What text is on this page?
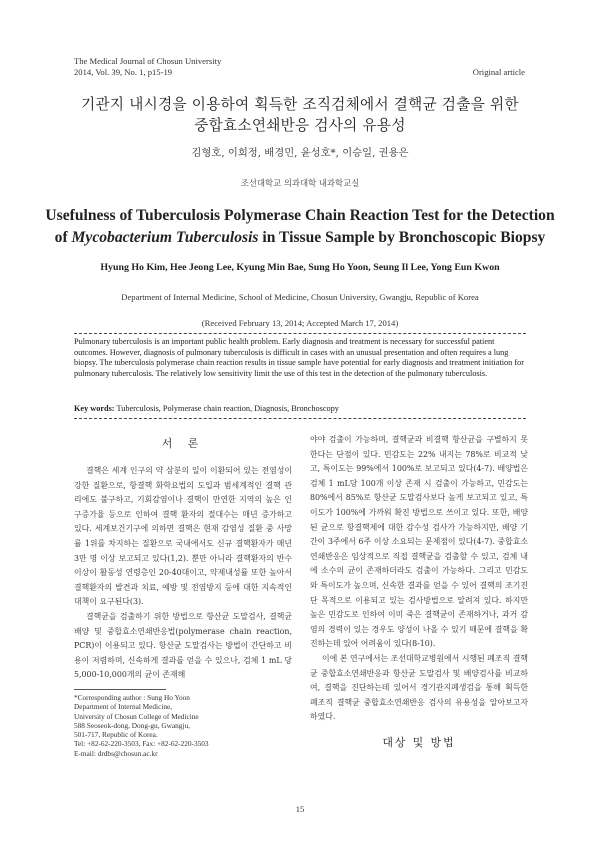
The Medical Journal of Chosun University
2014, Vol. 39, No. 1, p15-19	Original article
기관지 내시경을 이용하여 획득한 조직검체에서 결핵균 검출을 위한
중합효소연쇄반응 검사의 유용성
김형호, 이희정, 배경민, 윤성호*, 이승일, 권용은
조선대학교 의과대학 내과학교실
Usefulness of Tuberculosis Polymerase Chain Reaction Test for the Detection of Mycobacterium Tuberculosis in Tissue Sample by Bronchoscopic Biopsy
Hyung Ho Kim, Hee Jeong Lee, Kyung Min Bae, Sung Ho Yoon, Seung Il Lee, Yong Eun Kwon
Department of Internal Medicine, School of Medicine, Chosun University, Gwangju, Republic of Korea
(Received February 13, 2014; Accepted March 17, 2014)
Pulmonary tuberculosis is an important public health problem. Early diagnosis and treatment is necessary for successful patient outcomes. However, diagnosis of pulmonary tuberculosis is difficult in cases with an unusual presentation and often requires a lung biopsy. The tuberculosis polymerase chain reaction results in tissue sample have potential for early diagnosis and treatment initiation for pulmonary tuberculosis. The relatively low sensitivity limit the use of this test in the detection of the pulmonary tuberculosis.
Key words: Tuberculosis, Polymerase chain reaction, Diagnosis, Bronchoscopy
서 론

결핵은 세계 인구의 약 삼분의 일이 이환되어 있는 전염성이 강한 질환으로, 항결핵 화학요법의 도입과 범세계적인 결핵 관리에도 불구하고, 기회감염이나 결핵이 만연한 지역의 높은 인구증가율 등으로 인하여 결핵 환자의 절대수는 매년 증가하고 있다. 세계보건기구에 의하면 결핵은 현재 감염성 질환 중 사망률 1위를 차지하는 질환으로 국내에서도 신규 결핵환자가 매년 3만 명 이상 보고되고 있다(1,2). 뿐만 아니라 결핵환자의 반수 이상이 활동성 연령층인 20-40대이고, 약제내성률 또한 높아서 결핵환자의 발견과 치료, 예방 및 전염방지 등에 대한 지속적인 대책이 요구된다(3).

결핵균을 검출하기 위한 방법으로 항산균 도말검사, 결핵균 배양 및 중합효소연쇄반응법(polymerase chain reaction, PCR)이 이용되고 있다. 항산균 도말검사는 방법이 간단하고 비용이 저렴하며, 신속하게 결과를 얻을 수 있으나, 검체 1 mL 당 5,000-10,000개의 균이 존재해

야야 검출이 가능하며, 결핵균과 비결핵 항산균을 구별하지 못한다는 단점이 있다. 민감도는 22% 내지는 78%로 비교적 낮고, 특이도는 99%에서 100%로 보고되고 있다(4-7). 배양법은 검체 1 mL당 100개 이상 존재 시 검출이 가능하고, 민감도는 80%에서 85%로 항산균 도말검사보다 높게 보고되고 있고, 특이도가 100%에 가까워 확진 방법으로 쓰이고 있다. 또한, 배양된 균으로 항결핵제에 대한 감수성 검사가 가능하지만, 배양 기간이 3주에서 6주 이상 소요되는 문제점이 있다(4-7). 중합효소연쇄반응은 임상적으로 직접 결핵균을 검출할 수 있고, 검체 내에 소수의 균이 존재하더라도 검출이 가능하다. 그리고 민감도와 특이도가 높으며, 신속한 결과를 얻을 수 있어 결핵의 조기진단 목적으로 이용되고 있는 검사방법으로 알려져 있다. 하지만 높은 민감도로 인하여 이미 죽은 결핵균이 존재하거나, 과거 감염의 경력이 있는 경우도 양성이 나올 수 있기 때문에 결핵을 확진하는데 있어 어려움이 있다(8-10).

이에 본 연구에서는 조선대학교병원에서 시행된 폐조직 결핵균 중합효소연쇄반응과 항산균 도말검사 및 배양검사를 비교하여, 결핵을 진단하는데 있어서 경기관지폐생검을 통해 획득한 폐조직 결핵균 중합효소연쇄반응 검사의 유용성을 알아보고자 하였다.

대상 및 방법
*Corresponding author : Sung Ho Yoon
Department of Internal Medicine,
University of Chosun College of Medicine
588 Seoseok-dong, Dong-gu, Gwangju,
501-717, Republic of Korea.
Tel: +82-62-220-3503, Fax: +82-62-220-3503
E-mail: drdbs@chosun.ac.kr
15
